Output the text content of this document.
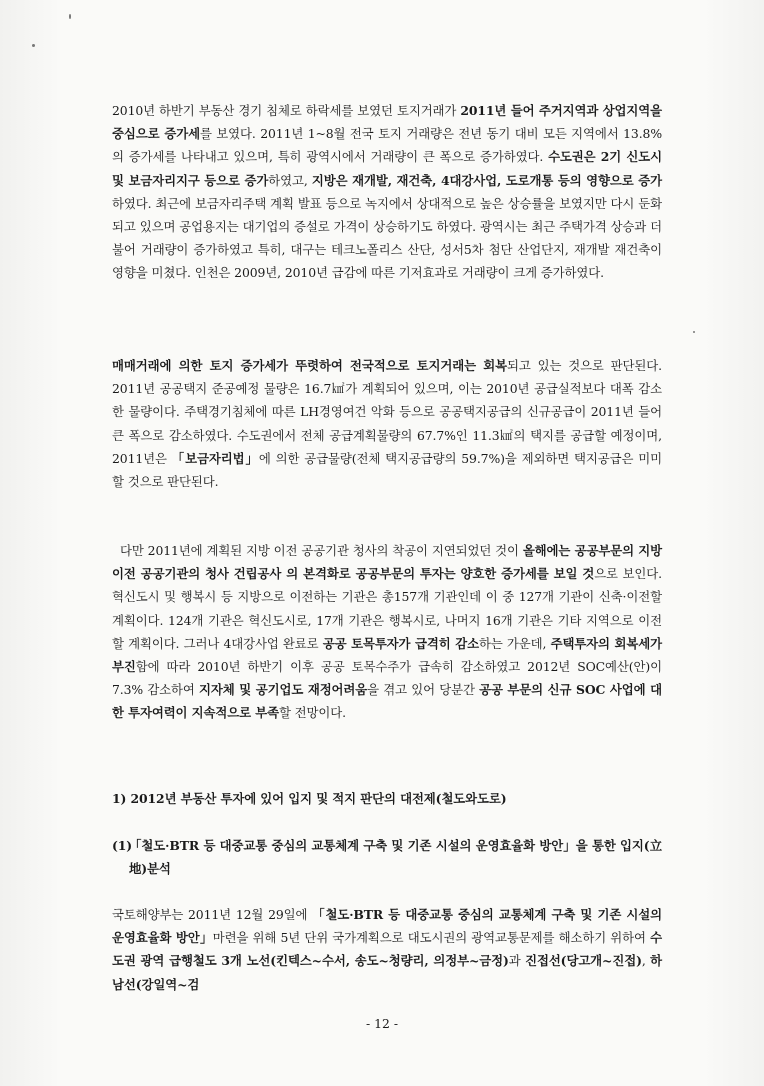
2010년 하반기 부동산 경기 침체로 하락세를 보였던 토지거래가 2011년 들어 주거지역과 상업지역을 중심으로 증가세를 보였다. 2011년 1~8월 전국 토지 거래량은 전년 동기 대비 모든 지역에서 13.8%의 증가세를 나타내고 있으며, 특히 광역시에서 거래량이 큰 폭으로 증가하였다. 수도권은 2기 신도시 및 보금자리지구 등으로 증가하였고, 지방은 재개발, 재건축, 4대강사업, 도로개통 등의 영향으로 증가하였다. 최근에 보금자리주택 계획 발표 등으로 녹지에서 상대적으로 높은 상승률을 보였지만 다시 둔화되고 있으며 공업용지는 대기업의 증설로 가격이 상승하기도 하였다. 광역시는 최근 주택가격 상승과 더불어 거래량이 증가하였고 특히, 대구는 테크노폴리스 산단, 성서5차 첨단 산업단지, 재개발 재건축이 영향을 미쳤다. 인천은 2009년, 2010년 급감에 따른 기저효과로 거래량이 크게 증가하였다.

매매거래에 의한 토지 증가세가 뚜렷하여 전국적으로 토지거래는 회복되고 있는 것으로 판단된다. 2011년 공공택지 준공예정 물량은 16.7㎢가 계획되어 있으며, 이는 2010년 공급실적보다 대폭 감소한 물량이다. 주택경기침체에 따른 LH경영여건 악화 등으로 공공택지공급의 신규공급이 2011년 들어 큰 폭으로 감소하였다. 수도권에서 전체 공급계획물량의 67.7%인 11.3㎢의 택지를 공급할 예정이며, 2011년은 「보금자리법」에 의한 공급물량(전체 택지공급량의 59.7%)을 제외하면 택지공급은 미미할 것으로 판단된다.

다만 2011년에 계획된 지방 이전 공공기관 청사의 착공이 지연되었던 것이 올해에는 공공부문의 지방 이전 공공기관의 청사 건립공사 의 본격화로 공공부문의 투자는 양호한 증가세를 보일 것으로 보인다. 혁신도시 및 행복시 등 지방으로 이전하는 기관은 총157개 기관인데 이 중 127개 기관이 신축·이전할 계획이다. 124개 기관은 혁신도시로, 17개 기관은 행복시로, 나머지 16개 기관은 기타 지역으로 이전할 계획이다. 그러나 4대강사업 완료로 공공 토목투자가 급격히 감소하는 가운데, 주택투자의 회복세가 부진함에 따라 2010년 하반기 이후 공공 토목수주가 급속히 감소하였고 2012년 SOC예산(안)이 7.3% 감소하여 지자체 및 공기업도 재정어려움을 겪고 있어 당분간 공공 부문의 신규 SOC 사업에 대한 투자여력이 지속적으로 부족할 전망이다.

1) 2012년 부동산 투자에 있어 입지 및 적지 판단의 대전제(철도와도로)
(1)
「철도·BTR 등 대중교통 중심의 교통체계 구축 및 기존 시설의 운영효율화 방안」을 통한 입지(立地)분석

국토해양부는 2011년 12월 29일에 「철도·BTR 등 대중교통 중심의 교통체계 구축 및 기존 시설의 운영효율화 방안」마련을 위해 5년 단위 국가계획으로 대도시권의 광역교통문제를 해소하기 위하여 수도권 광역 급행철도 3개 노선(킨텍스~수서, 송도~청량리, 의정부~금정)과 진접선(당고개~진접), 하남선(강일역~검

- 12 -
